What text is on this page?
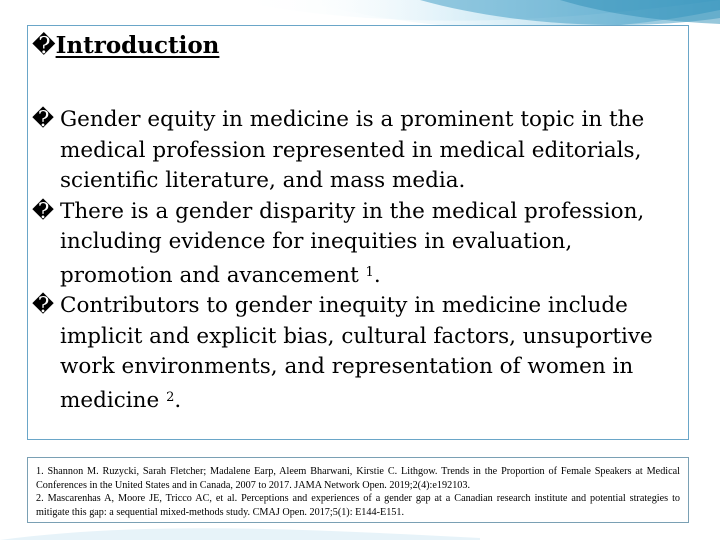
�Introduction
� Gender equity in medicine is a prominent topic in the medical profession represented in medical editorials, scientific literature, and mass media.
� There is a gender disparity in the medical profession, including evidence for inequities in evaluation, promotion and avancement $^1$.
� Contributors to gender inequity in medicine include implicit and explicit bias, cultural factors, unsuportive work environments, and representation of women in medicine $^2$.

1. Shannon M. Ruzycki, Sarah Fletcher; Madalene Earp, Aleem Bharwani, Kirstie C. Lithgow. Trends in the Proportion of Female Speakers at Medical Conferences in the United States and in Canada, 2007 to 2017. JAMA Network Open. 2019;2(4):e192103.

2. Mascarenhas A, Moore JE, Tricco AC, et al. Perceptions and experiences of a gender gap at a Canadian research institute and potential strategies to mitigate this gap: a sequential mixed-methods study. CMAJ Open. 2017;5(1): E144-E151.
